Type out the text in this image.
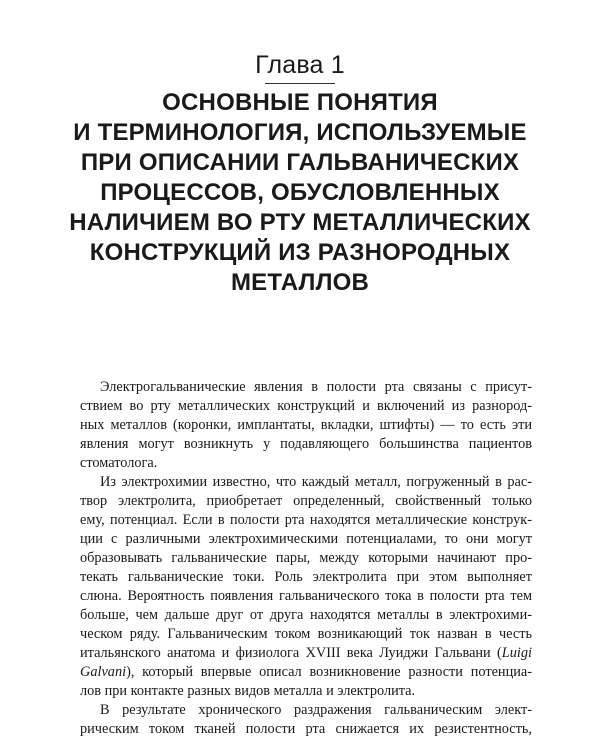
Глава 1
ОСНОВНЫЕ ПОНЯТИЯ
И ТЕРМИНОЛОГИЯ, ИСПОЛЬЗУЕМЫЕ
ПРИ ОПИСАНИИ ГАЛЬВАНИЧЕСКИХ
ПРОЦЕССОВ, ОБУСЛОВЛЕННЫХ
НАЛИЧИЕМ ВО РТУ МЕТАЛЛИЧЕСКИХ
КОНСТРУКЦИЙ ИЗ РАЗНОРОДНЫХ
МЕТАЛЛОВ

Электрогальванические явления в полости рта связаны с присут-
ствием во рту металлических конструкций и включений из разнород-
ных металлов (коронки, имплантаты, вкладки, штифты) — то есть эти
явления могут возникнуть у подавляющего большинства пациентов
стоматолога.

Из электрохимии известно, что каждый металл, погруженный в рас-
твор электролита, приобретает определенный, свойственный только
ему, потенциал. Если в полости рта находятся металлические конструк-
ции с различными электрохимическими потенциалами, то они могут
образовывать гальванические пары, между которыми начинают про-
текать гальванические токи. Роль электролита при этом выполняет
слюна. Вероятность появления гальванического тока в полости рта тем
больше, чем дальше друг от друга находятся металлы в электрохими-
ческом ряду. Гальваническим током возникающий ток назван в честь
итальянского анатома и физиолога XVIII века Луиджи Гальвани (Luigi
Galvani), который впервые описал возникновение разности потенциа-
лов при контакте разных видов металла и электролита.

В результате хронического раздражения гальваническим элект-
рическим током тканей полости рта снижается их резистентность,
